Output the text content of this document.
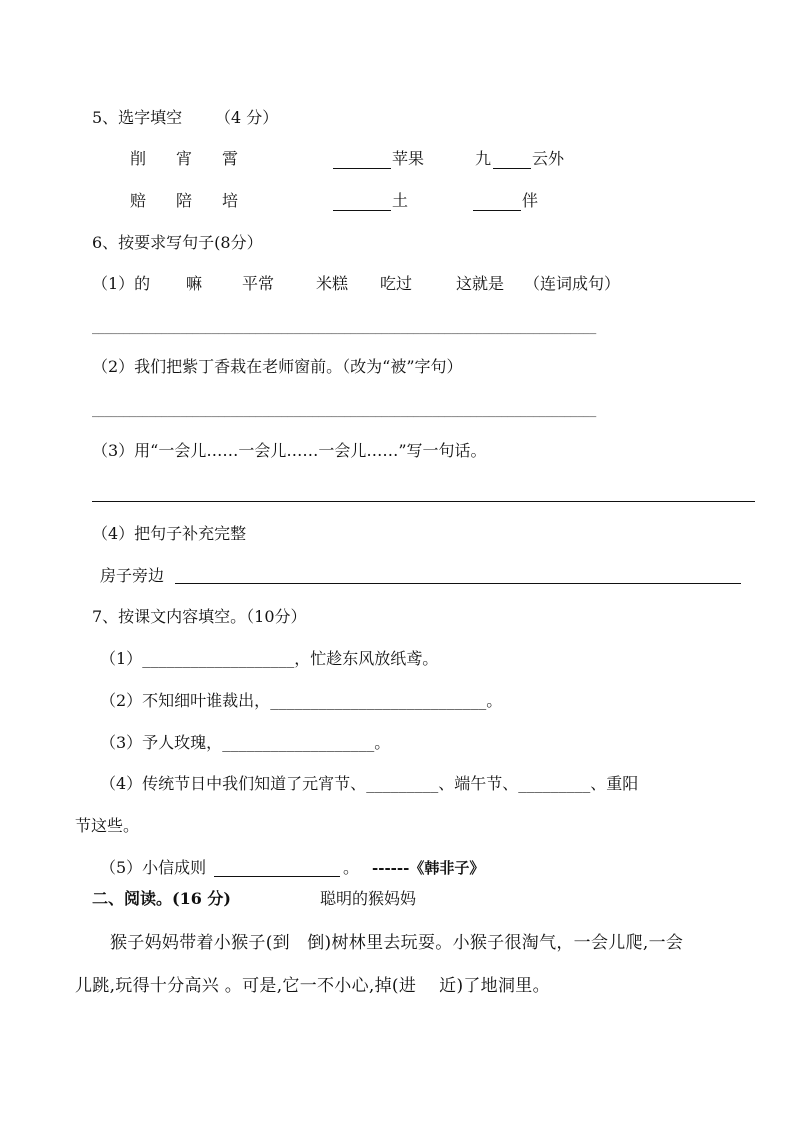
5、选字填空 （4 分）
削 宵 霄	苹果	九	云外
赔 陪 培	土	伴
6、按要求写句子(8分）
（1）的 嘛 平常	米糕 吃过	这就是 （连词成句）
________________________________________________________________________________
（2）我们把紫丁香栽在老师窗前。（改为“被”字句）
________________________________________________________________________________
（3）用“一会儿……一会儿……一会儿……”写一句话。
（4）把句子补充完整
房子旁边
7、按课文内容填空。（10分）
（1）___________________，忙趁东风放纸鸢。
（2）不知细叶谁裁出，___________________________。
（3）予人玫瑰，___________________。
（4）传统节日中我们知道了元宵节、_________、端午节、_________、重阳
节这些。
（5）小信成则	。 ------《韩非子》
二、阅读。(16 分)	聪明的猴妈妈
猴子妈妈带着小猴子(到　倒)树林里去玩耍。小猴子很淘气，一会儿爬,一会
儿跳,玩得十分高兴 。可是,它一不小心,掉(进　 近)了地洞里。
